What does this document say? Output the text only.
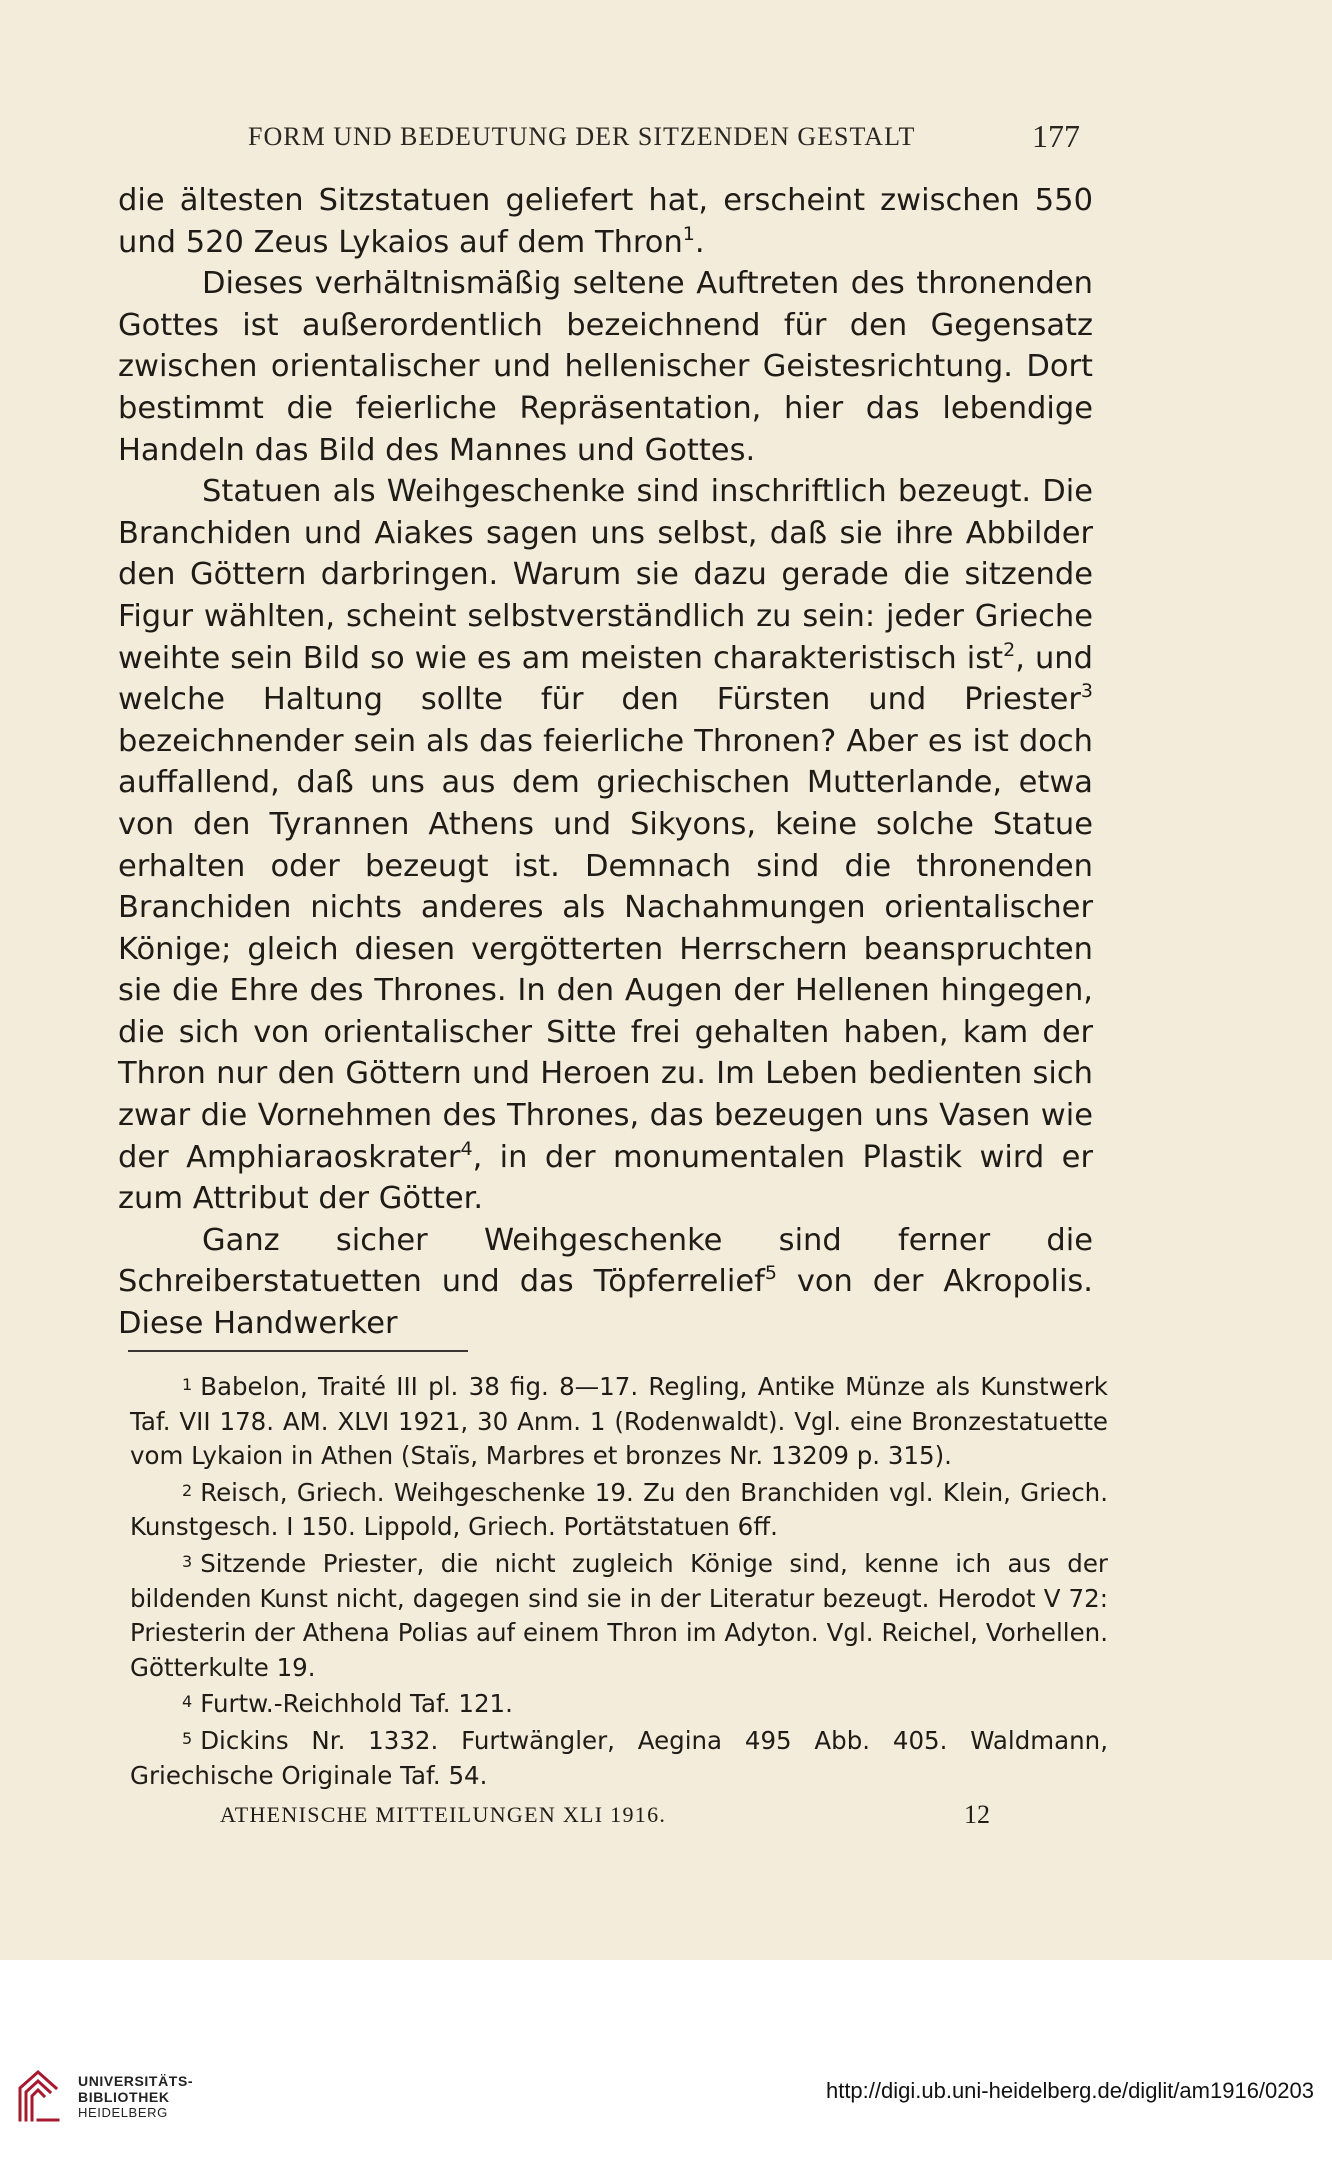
FORM UND BEDEUTUNG DER SITZENDEN GESTALT	177

die ältesten Sitzstatuen geliefert hat, erscheint zwischen 550 und 520 Zeus Lykaios auf dem Thron$^1$.

Dieses verhältnismäßig seltene Auftreten des thronenden Gottes ist außerordentlich bezeichnend für den Gegensatz zwischen orientalischer und hellenischer Geistesrichtung. Dort bestimmt die feierliche Repräsentation, hier das lebendige Handeln das Bild des Mannes und Gottes.

Statuen als Weihgeschenke sind inschriftlich bezeugt. Die Branchiden und Aiakes sagen uns selbst, daß sie ihre Abbilder den Göttern darbringen. Warum sie dazu gerade die sitzende Figur wählten, scheint selbstverständlich zu sein: jeder Grieche weihte sein Bild so wie es am meisten charakteristisch ist$^2$, und welche Haltung sollte für den Fürsten und Priester$^3$ bezeichnender sein als das feierliche Thronen? Aber es ist doch auffallend, daß uns aus dem griechischen Mutterlande, etwa von den Tyrannen Athens und Sikyons, keine solche Statue erhalten oder bezeugt ist. Demnach sind die thronenden Branchiden nichts anderes als Nachahmungen orientalischer Könige; gleich diesen vergötterten Herrschern beanspruchten sie die Ehre des Thrones. In den Augen der Hellenen hingegen, die sich von orientalischer Sitte frei gehalten haben, kam der Thron nur den Göttern und Heroen zu. Im Leben bedienten sich zwar die Vornehmen des Thrones, das bezeugen uns Vasen wie der Amphiaraoskrater$^4$, in der monumentalen Plastik wird er zum Attribut der Götter.

Ganz sicher Weihgeschenke sind ferner die Schreiberstatuetten und das Töpferrelief$^5$ von der Akropolis. Diese Handwerker

$^1$ Babelon, Traité III pl. 38 fig. 8—17. Regling, Antike Münze als Kunstwerk Taf. VII 178. AM. XLVI 1921, 30 Anm. 1 (Rodenwaldt). Vgl. eine Bronzestatuette vom Lykaion in Athen (Staïs, Marbres et bronzes Nr. 13209 p. 315).

$^2$ Reisch, Griech. Weihgeschenke 19. Zu den Branchiden vgl. Klein, Griech. Kunstgesch. I 150. Lippold, Griech. Portätstatuen 6ff.

$^3$ Sitzende Priester, die nicht zugleich Könige sind, kenne ich aus der bildenden Kunst nicht, dagegen sind sie in der Literatur bezeugt. Herodot V 72: Priesterin der Athena Polias auf einem Thron im Adyton. Vgl. Reichel, Vorhellen. Götterkulte 19.

$^4$ Furtw.-Reichhold Taf. 121.

$^5$ Dickins Nr. 1332. Furtwängler, Aegina 495 Abb. 405. Waldmann, Griechische Originale Taf. 54.

ATHENISCHE MITTEILUNGEN XLI 1916.	12
UNIVERSITÄTS-
BIBLIOTHEK
HEIDELBERG
http://digi.ub.uni-heidelberg.de/diglit/am1916/0203
